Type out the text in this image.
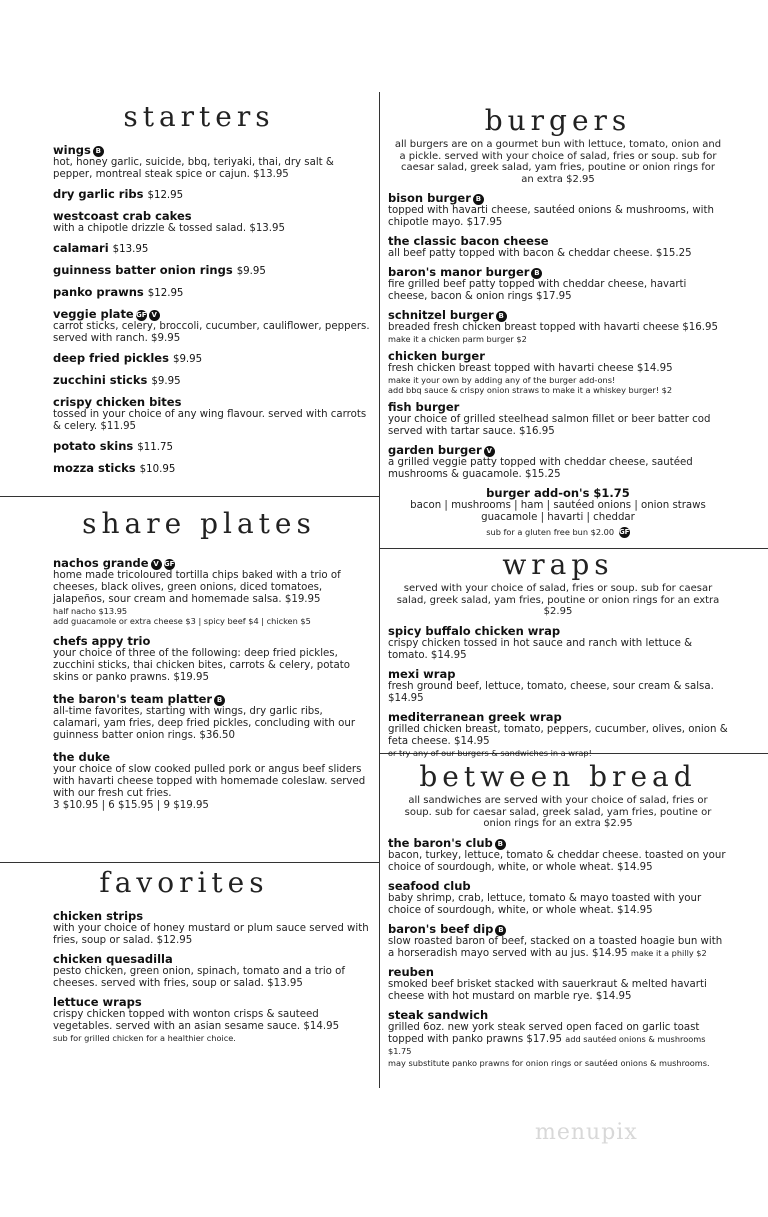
starters
wings B
hot, honey garlic, suicide, bbq, teriyaki, thai, dry salt & pepper, montreal steak spice or cajun. $13.95
dry garlic ribs $12.95
westcoast crab cakes
with a chipotle drizzle & tossed salad. $13.95
calamari $13.95
guinness batter onion rings $9.95
panko prawns $12.95
veggie plate GF V
carrot sticks, celery, broccoli, cucumber, cauliflower, peppers. served with ranch. $9.95
deep fried pickles $9.95
zucchini sticks $9.95
crispy chicken bites
tossed in your choice of any wing flavour. served with carrots & celery. $11.95
potato skins $11.75
mozza sticks $10.95
share plates
nachos grande V GF
home made tricoloured tortilla chips baked with a trio of cheeses, black olives, green onions, diced tomatoes, jalapeños, sour cream and homemade salsa. $19.95
half nacho $13.95
add guacamole or extra cheese $3 | spicy beef $4 | chicken $5
chefs appy trio
your choice of three of the following: deep fried pickles, zucchini sticks, thai chicken bites, carrots & celery, potato skins or panko prawns. $19.95
the baron's team platter B
all-time favorites, starting with wings, dry garlic ribs, calamari, yam fries, deep fried pickles, concluding with our guinness batter onion rings. $36.50
the duke
your choice of slow cooked pulled pork or angus beef sliders with havarti cheese topped with homemade coleslaw. served with our fresh cut fries.
3 $10.95 | 6 $15.95 | 9 $19.95
favorites
chicken strips
with your choice of honey mustard or plum sauce served with fries, soup or salad. $12.95
chicken quesadilla
pesto chicken, green onion, spinach, tomato and a trio of cheeses. served with fries, soup or salad. $13.95
lettuce wraps
crispy chicken topped with wonton crisps & sauteed vegetables. served with an asian sesame sauce. $14.95
sub for grilled chicken for a healthier choice.
burgers
all burgers are on a gourmet bun with lettuce, tomato, onion and a pickle. served with your choice of salad, fries or soup. sub for caesar salad, greek salad, yam fries, poutine or onion rings for an extra $2.95
bison burger B
topped with havarti cheese, sautéed onions & mushrooms, with chipotle mayo. $17.95
the classic bacon cheese
all beef patty topped with bacon & cheddar cheese. $15.25
baron's manor burger B
fire grilled beef patty topped with cheddar cheese, havarti cheese, bacon & onion rings $17.95
schnitzel burger B
breaded fresh chicken breast topped with havarti cheese $16.95
make it a chicken parm burger $2
chicken burger
fresh chicken breast topped with havarti cheese $14.95
make it your own by adding any of the burger add-ons!
add bbq sauce & crispy onion straws to make it a whiskey burger! $2
fish burger
your choice of grilled steelhead salmon fillet or beer batter cod served with tartar sauce. $16.95
garden burger V
a grilled veggie patty topped with cheddar cheese, sautéed mushrooms & guacamole. $15.25
burger add-on's $1.75
bacon | mushrooms | ham | sautéed onions | onion straws
guacamole | havarti | cheddar
sub for a gluten free bun $2.00 GF
wraps
served with your choice of salad, fries or soup. sub for caesar salad, greek salad, yam fries, poutine or onion rings for an extra $2.95
spicy buffalo chicken wrap
crispy chicken tossed in hot sauce and ranch with lettuce & tomato. $14.95
mexi wrap
fresh ground beef, lettuce, tomato, cheese, sour cream & salsa. $14.95
mediterranean greek wrap
grilled chicken breast, tomato, peppers, cucumber, olives, onion & feta cheese. $14.95
or try any of our burgers & sandwiches in a wrap!
between bread
all sandwiches are served with your choice of salad, fries or soup. sub for caesar salad, greek salad, yam fries, poutine or onion rings for an extra $2.95
the baron's club B
bacon, turkey, lettuce, tomato & cheddar cheese. toasted on your choice of sourdough, white, or whole wheat. $14.95
seafood club
baby shrimp, crab, lettuce, tomato & mayo toasted with your choice of sourdough, white, or whole wheat. $14.95
baron's beef dip B
slow roasted baron of beef, stacked on a toasted hoagie bun with a horseradish mayo served with au jus. $14.95 make it a philly $2
reuben
smoked beef brisket stacked with sauerkraut & melted havarti cheese with hot mustard on marble rye. $14.95
steak sandwich
grilled 6oz. new york steak served open faced on garlic toast topped with panko prawns $17.95 add sautéed onions & mushrooms $1.75
may substitute panko prawns for onion rings or sautéed onions & mushrooms.
menupix
